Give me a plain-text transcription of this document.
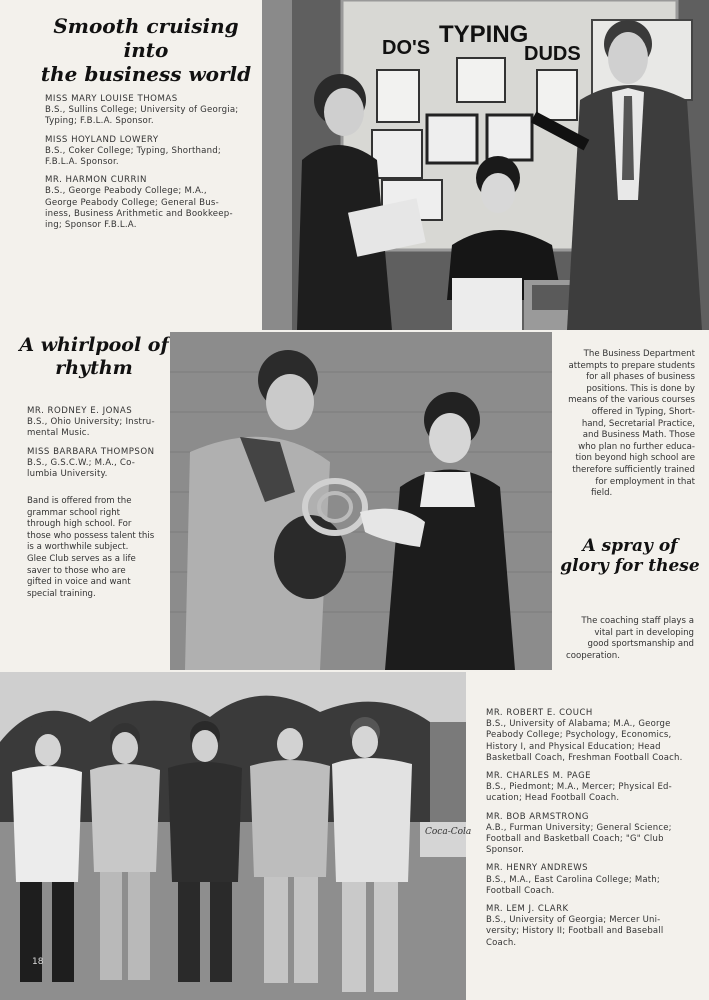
Smooth cruising into
the business world
MISS MARY LOUISE THOMAS
B.S., Sullins College; University of Georgia;
Typing; F.B.L.A. Sponsor.
MISS HOYLAND LOWERY
B.S., Coker College; Typing, Shorthand;
F.B.L.A. Sponsor.
MR. HARMON CURRIN
B.S., George Peabody College; M.A.,
George Peabody College; General Bus-
iness, Business Arithmetic and Bookkeep-
ing; Sponsor F.B.L.A.
TYPING
DO'S	DUDS
A whirlpool of
rhythm
MR. RODNEY E. JONAS
B.S., Ohio University; Instru-
mental Music.
MISS BARBARA THOMPSON
B.S., G.S.C.W.; M.A., Co-
lumbia University.
Band is offered from the
grammar school right
through high school. For
those who possess talent this
is a worthwhile subject.
Glee Club serves as a life
saver to those who are
gifted in voice and want
special training.
The Business Department
attempts to prepare students
for all phases of business
positions. This is done by
means of the various courses
offered in Typing, Short-
hand, Secretarial Practice,
and Business Math. Those
who plan no further educa-
tion beyond high school are
therefore sufficiently trained
for employment in that
field.
A spray of
glory for these
The coaching staff plays a
vital part in developing
good sportsmanship and
cooperation.
Coca-Cola
18
MR. ROBERT E. COUCH
B.S., University of Alabama; M.A., George
Peabody College; Psychology, Economics,
History I, and Physical Education; Head
Basketball Coach, Freshman Football Coach.
MR. CHARLES M. PAGE
B.S., Piedmont; M.A., Mercer; Physical Ed-
ucation; Head Football Coach.
MR. BOB ARMSTRONG
A.B., Furman University; General Science;
Football and Basketball Coach; "G" Club
Sponsor.
MR. HENRY ANDREWS
B.S., M.A., East Carolina College; Math;
Football Coach.
MR. LEM J. CLARK
B.S., University of Georgia; Mercer Uni-
versity; History II; Football and Baseball
Coach.
